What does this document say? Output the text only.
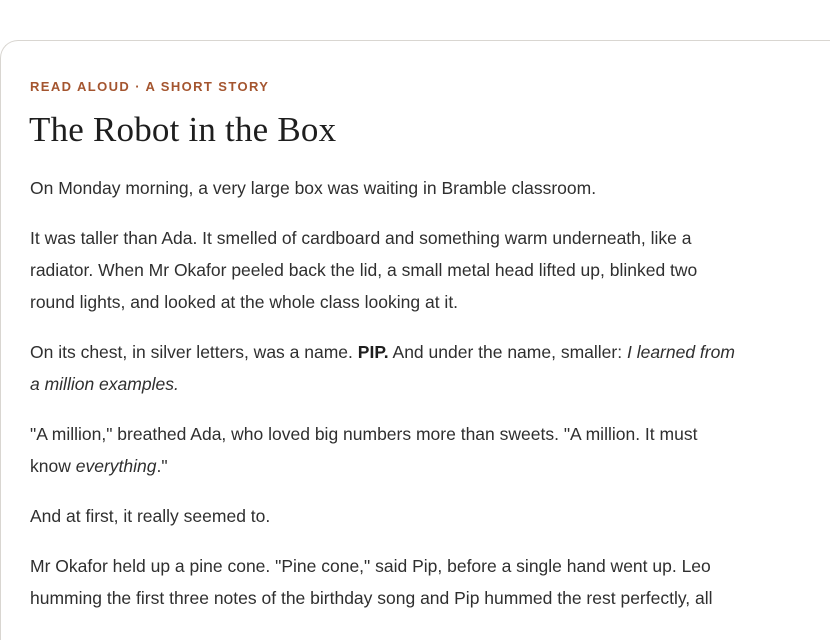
READ ALOUD · A SHORT STORY
The Robot in the Box

On Monday morning, a very large box was waiting in Bramble classroom.

It was taller than Ada. It smelled of cardboard and something warm underneath, like a
radiator. When Mr Okafor peeled back the lid, a small metal head lifted up, blinked two
round lights, and looked at the whole class looking at it.

On its chest, in silver letters, was a name. PIP. And under the name, smaller: I learned from
a million examples.

"A million," breathed Ada, who loved big numbers more than sweets. "A million. It must
know everything."

And at first, it really seemed to.

Mr Okafor held up a pine cone. "Pine cone," said Pip, before a single hand went up. Leo
humming the first three notes of the birthday song and Pip hummed the rest perfectly, all
